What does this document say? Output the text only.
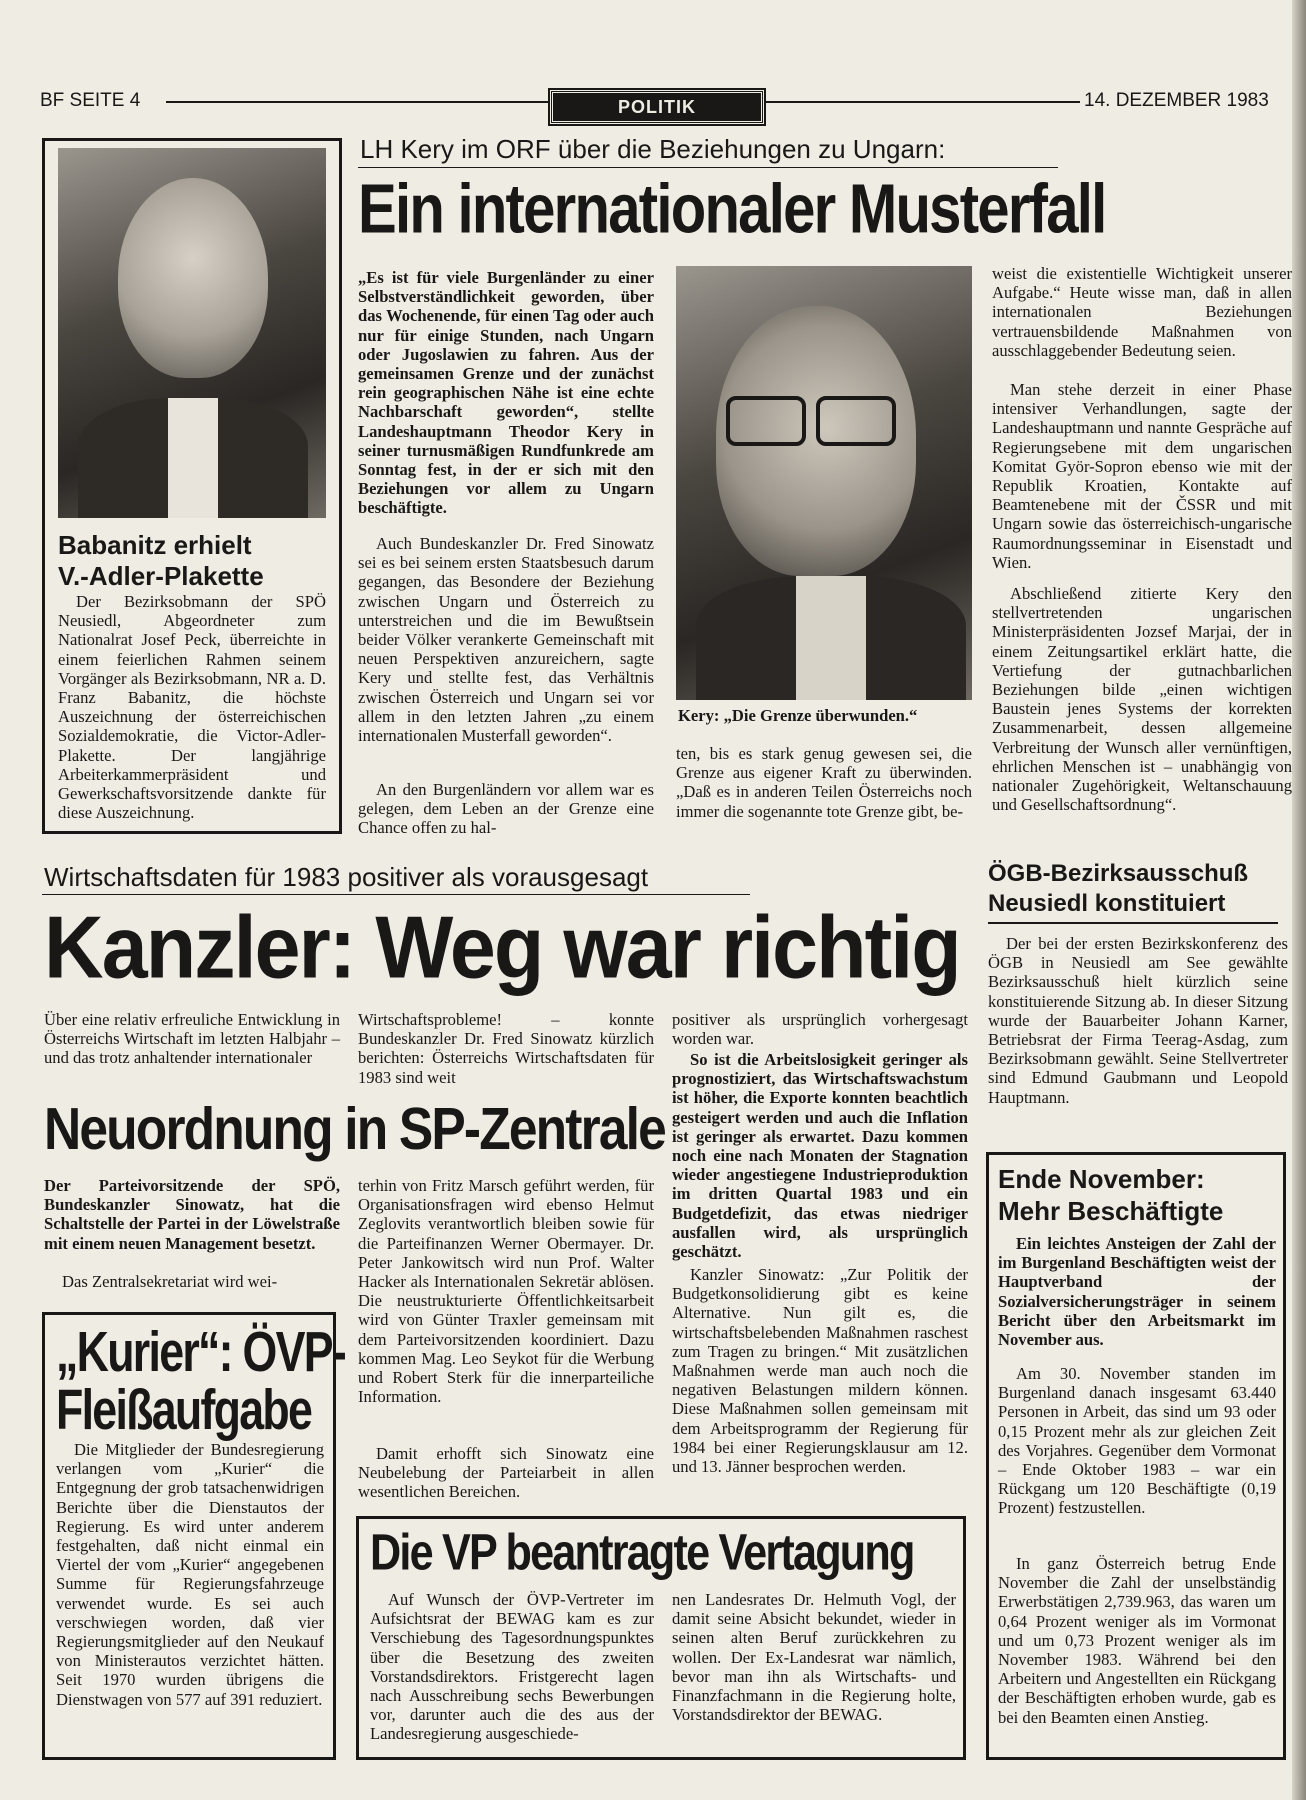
BF SEITE 4	POLITIK	14. DEZEMBER 1983
Babanitz erhielt
V.-Adler-Plakette

Der Bezirksobmann der SPÖ Neusiedl, Abgeordneter zum Nationalrat Josef Peck, überreichte in einem feierlichen Rahmen seinem Vorgänger als Bezirksobmann, NR a. D. Franz Babanitz, die höchste Auszeichnung der österreichischen Sozialdemokratie, die Victor-Adler-Plakette. Der langjährige Arbeiterkammerpräsident und Gewerkschaftsvorsitzende dankte für diese Auszeichnung.

LH Kery im ORF über die Beziehungen zu Ungarn:
Ein internationaler Musterfall

„Es ist für viele Burgenländer zu einer Selbstverständlichkeit geworden, über das Wochenende, für einen Tag oder auch nur für einige Stunden, nach Ungarn oder Jugoslawien zu fahren. Aus der gemeinsamen Grenze und der zunächst rein geographischen Nähe ist eine echte Nachbarschaft geworden“, stellte Landeshauptmann Theodor Kery in seiner turnusmäßigen Rundfunkrede am Sonntag fest, in der er sich mit den Beziehungen vor allem zu Ungarn beschäftigte.

Auch Bundeskanzler Dr. Fred Sinowatz sei es bei seinem ersten Staatsbesuch darum gegangen, das Besondere der Beziehung zwischen Ungarn und Österreich zu unterstreichen und die im Bewußtsein beider Völker verankerte Gemeinschaft mit neuen Perspektiven anzureichern, sagte Kery und stellte fest, das Verhältnis zwischen Österreich und Ungarn sei vor allem in den letzten Jahren „zu einem internationalen Musterfall geworden“.

An den Burgenländern vor allem war es gelegen, dem Leben an der Grenze eine Chance offen zu hal-

Kery: „Die Grenze überwunden.“

ten, bis es stark genug gewesen sei, die Grenze aus eigener Kraft zu überwinden. „Daß es in anderen Teilen Österreichs noch immer die sogenannte tote Grenze gibt, be-

weist die existentielle Wichtigkeit unserer Aufgabe.“ Heute wisse man, daß in allen internationalen Beziehungen vertrauensbildende Maßnahmen von ausschlaggebender Bedeutung seien.

Man stehe derzeit in einer Phase intensiver Verhandlungen, sagte der Landeshauptmann und nannte Gespräche auf Regierungsebene mit dem ungarischen Komitat Györ-Sopron ebenso wie mit der Republik Kroatien, Kontakte auf Beamtenebene mit der ČSSR und mit Ungarn sowie das österreichisch-ungarische Raumordnungsseminar in Eisenstadt und Wien.

Abschließend zitierte Kery den stellvertretenden ungarischen Ministerpräsidenten Jozsef Marjai, der in einem Zeitungsartikel erklärt hatte, die Vertiefung der gutnachbarlichen Beziehungen bilde „einen wichtigen Baustein jenes Systems der korrekten Zusammenarbeit, dessen allgemeine Verbreitung der Wunsch aller vernünftigen, ehrlichen Menschen ist – unabhängig von nationaler Zugehörigkeit, Weltanschauung und Gesellschaftsordnung“.

Wirtschaftsdaten für 1983 positiver als vorausgesagt
Kanzler: Weg war richtig

Über eine relativ erfreuliche Entwicklung in Österreichs Wirtschaft im letzten Halbjahr – und das trotz anhaltender internationaler

Wirtschaftsprobleme! – konnte Bundeskanzler Dr. Fred Sinowatz kürzlich berichten: Österreichs Wirtschaftsdaten für 1983 sind weit

positiver als ursprünglich vorhergesagt worden war.

So ist die Arbeitslosigkeit geringer als prognostiziert, das Wirtschaftswachstum ist höher, die Exporte konnten beachtlich gesteigert werden und auch die Inflation ist geringer als erwartet. Dazu kommen noch eine nach Monaten der Stagnation wieder angestiegene Industrieproduktion im dritten Quartal 1983 und ein Budgetdefizit, das etwas niedriger ausfallen wird, als ursprünglich geschätzt.

Kanzler Sinowatz: „Zur Politik der Budgetkonsolidierung gibt es keine Alternative. Nun gilt es, die wirtschaftsbelebenden Maßnahmen raschest zum Tragen zu bringen.“ Mit zusätzlichen Maßnahmen werde man auch noch die negativen Belastungen mildern können. Diese Maßnahmen sollen gemeinsam mit dem Arbeitsprogramm der Regierung für 1984 bei einer Regierungsklausur am 12. und 13. Jänner besprochen werden.

Neuordnung in SP-Zentrale

Der Parteivorsitzende der SPÖ, Bundeskanzler Sinowatz, hat die Schaltstelle der Partei in der Löwelstraße mit einem neuen Management besetzt.

Das Zentralsekretariat wird wei-

terhin von Fritz Marsch geführt werden, für Organisationsfragen wird ebenso Helmut Zeglovits verantwortlich bleiben sowie für die Parteifinanzen Werner Obermayer. Dr. Peter Jankowitsch wird nun Prof. Walter Hacker als Internationalen Sekretär ablösen. Die neustrukturierte Öffentlichkeitsarbeit wird von Günter Traxler gemeinsam mit dem Parteivorsitzenden koordiniert. Dazu kommen Mag. Leo Seykot für die Werbung und Robert Sterk für die innerparteiliche Information.

Damit erhofft sich Sinowatz eine Neubelebung der Parteiarbeit in allen wesentlichen Bereichen.

„Kurier“: ÖVP-
Fleißaufgabe

Die Mitglieder der Bundesregierung verlangen vom „Kurier“ die Entgegnung der grob tatsachenwidrigen Berichte über die Dienstautos der Regierung. Es wird unter anderem festgehalten, daß nicht einmal ein Viertel der vom „Kurier“ angegebenen Summe für Regierungsfahrzeuge verwendet wurde. Es sei auch verschwiegen worden, daß vier Regierungsmitglieder auf den Neukauf von Ministerautos verzichtet hätten. Seit 1970 wurden übrigens die Dienstwagen von 577 auf 391 reduziert.

Die VP beantragte Vertagung

Auf Wunsch der ÖVP-Vertreter im Aufsichtsrat der BEWAG kam es zur Verschiebung des Tagesordnungspunktes über die Besetzung des zweiten Vorstandsdirektors. Fristgerecht lagen nach Ausschreibung sechs Bewerbungen vor, darunter auch die des aus der Landesregierung ausgeschiede-

nen Landesrates Dr. Helmuth Vogl, der damit seine Absicht bekundet, wieder in seinen alten Beruf zurückkehren zu wollen. Der Ex-Landesrat war nämlich, bevor man ihn als Wirtschafts- und Finanzfachmann in die Regierung holte, Vorstandsdirektor der BEWAG.

ÖGB-Bezirksausschuß
Neusiedl konstituiert

Der bei der ersten Bezirkskonferenz des ÖGB in Neusiedl am See gewählte Bezirksausschuß hielt kürzlich seine konstituierende Sitzung ab. In dieser Sitzung wurde der Bauarbeiter Johann Karner, Betriebsrat der Firma Teerag-Asdag, zum Bezirksobmann gewählt. Seine Stellvertreter sind Edmund Gaubmann und Leopold Hauptmann.

Ende November:
Mehr Beschäftigte

Ein leichtes Ansteigen der Zahl der im Burgenland Beschäftigten weist der Hauptverband der Sozialversicherungsträger in seinem Bericht über den Arbeitsmarkt im November aus.

Am 30. November standen im Burgenland danach insgesamt 63.440 Personen in Arbeit, das sind um 93 oder 0,15 Prozent mehr als zur gleichen Zeit des Vorjahres. Gegenüber dem Vormonat – Ende Oktober 1983 – war ein Rückgang um 120 Beschäftigte (0,19 Prozent) festzustellen.

In ganz Österreich betrug Ende November die Zahl der unselbständig Erwerbstätigen 2,739.963, das waren um 0,64 Prozent weniger als im Vormonat und um 0,73 Prozent weniger als im November 1983. Während bei den Arbeitern und Angestellten ein Rückgang der Beschäftigten erhoben wurde, gab es bei den Beamten einen Anstieg.
